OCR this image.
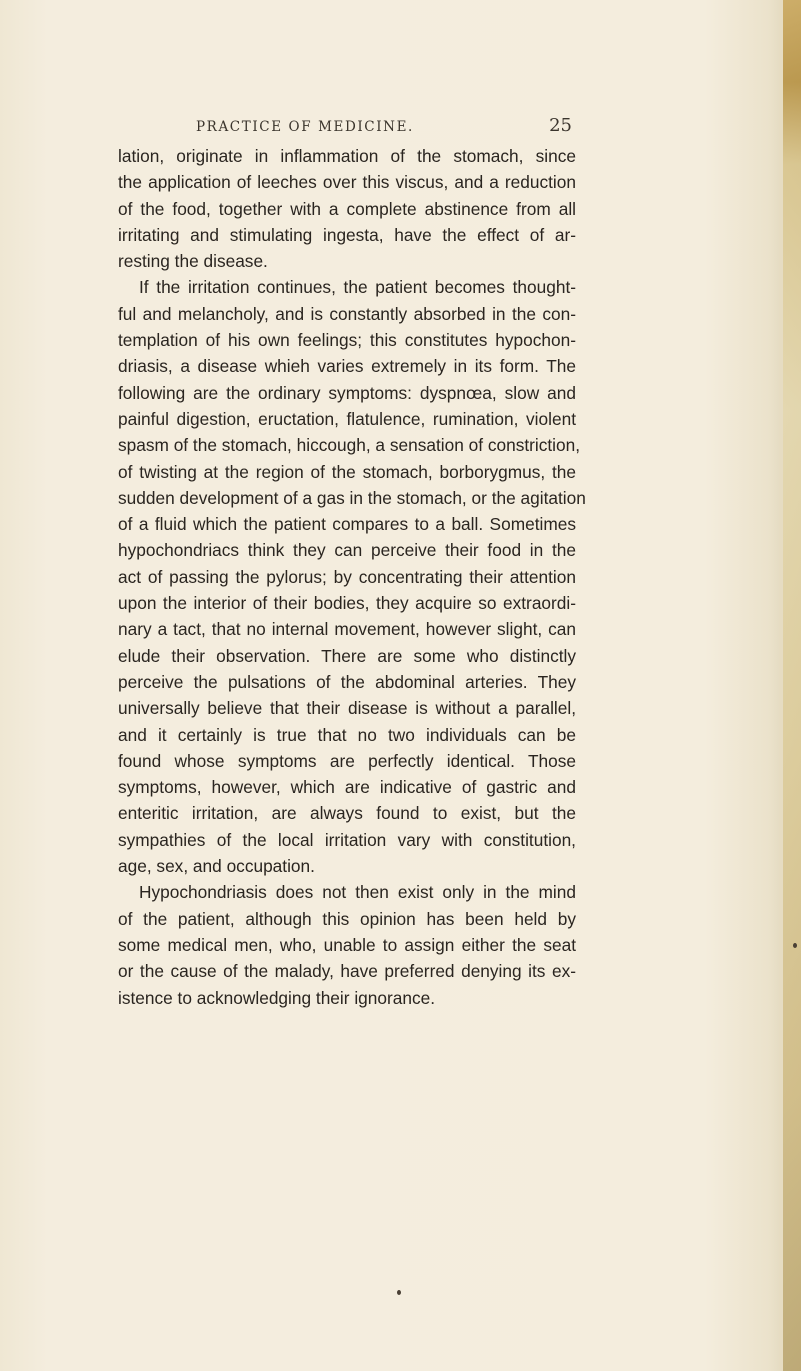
PRACTICE OF MEDICINE.	25

lation, originate in inflammation of the stomach, since
the application of leeches over this viscus, and a reduction
of the food, together with a complete abstinence from all
irritating and stimulating ingesta, have the effect of ar-
resting the disease.

If the irritation continues, the patient becomes thought-
ful and melancholy, and is constantly absorbed in the con-
templation of his own feelings; this constitutes hypochon-
driasis, a disease whieh varies extremely in its form. The
following are the ordinary symptoms: dyspnœa, slow and
painful digestion, eructation, flatulence, rumination, violent
spasm of the stomach, hiccough, a sensation of constriction,
of twisting at the region of the stomach, borborygmus, the
sudden development of a gas in the stomach, or the agitation
of a fluid which the patient compares to a ball. Sometimes
hypochondriacs think they can perceive their food in the
act of passing the pylorus; by concentrating their attention
upon the interior of their bodies, they acquire so extraordi-
nary a tact, that no internal movement, however slight, can
elude their observation. There are some who distinctly
perceive the pulsations of the abdominal arteries. They
universally believe that their disease is without a parallel,
and it certainly is true that no two individuals can be
found whose symptoms are perfectly identical. Those
symptoms, however, which are indicative of gastric and
enteritic irritation, are always found to exist, but the
sympathies of the local irritation vary with constitution,
age, sex, and occupation.

Hypochondriasis does not then exist only in the mind
of the patient, although this opinion has been held by
some medical men, who, unable to assign either the seat
or the cause of the malady, have preferred denying its ex-
istence to acknowledging their ignorance.
